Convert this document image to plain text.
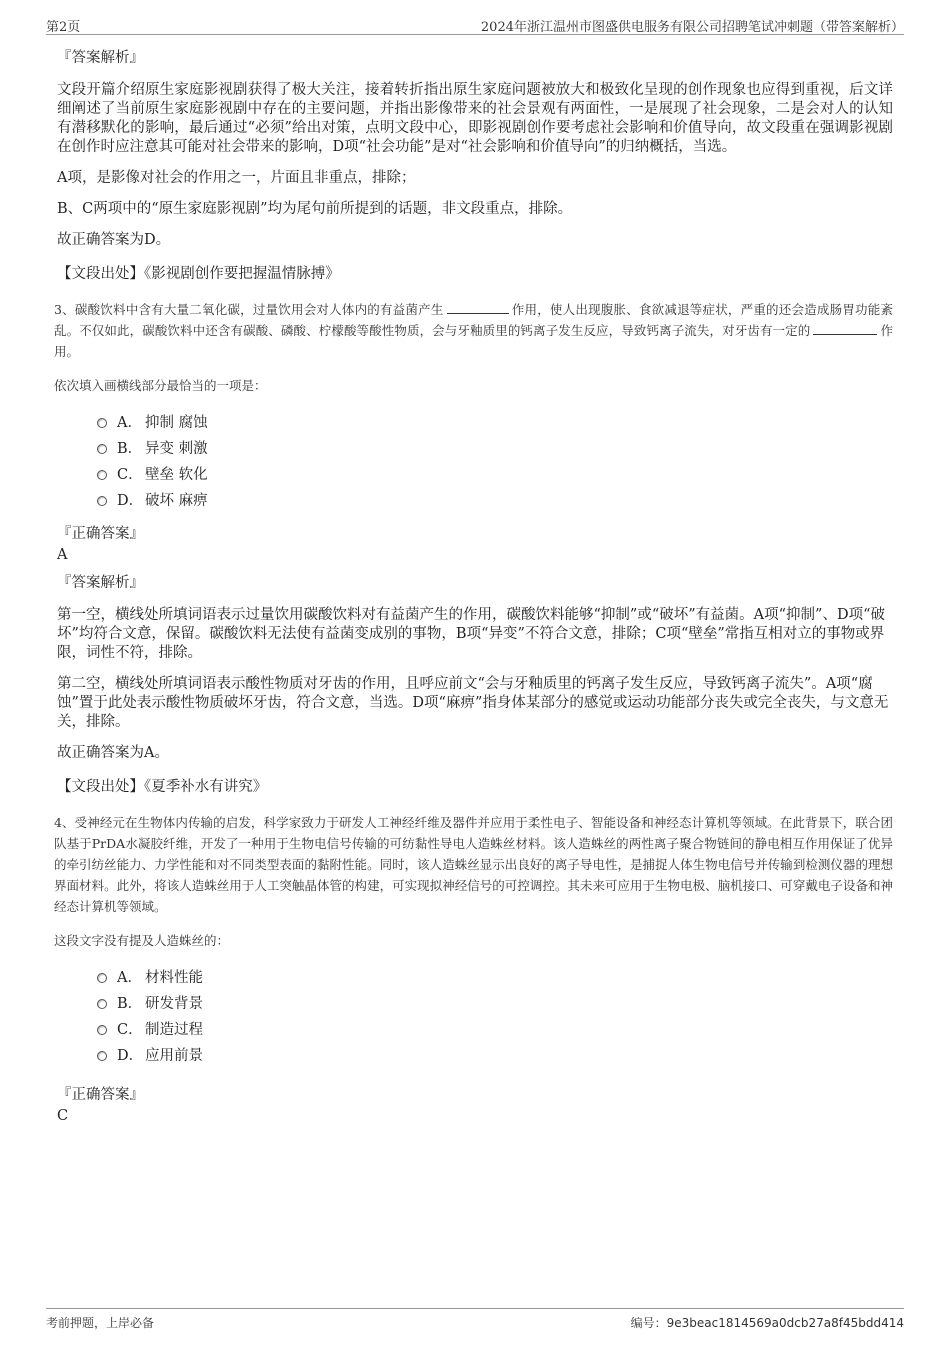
第2页	2024年浙江温州市图盛供电服务有限公司招聘笔试冲刺题（带答案解析）
『答案解析』

文段开篇介绍原生家庭影视剧获得了极大关注，接着转折指出原生家庭问题被放大和极致化呈现的创作现象也应得到重视，后文详细阐述了当前原生家庭影视剧中存在的主要问题，并指出影像带来的社会景观有两面性，一是展现了社会现象，二是会对人的认知有潜移默化的影响，最后通过“必须”给出对策，点明文段中心，即影视剧创作要考虑社会影响和价值导向，故文段重在强调影视剧在创作时应注意其可能对社会带来的影响，D项“社会功能”是对“社会影响和价值导向”的归纳概括，当选。

A项，是影像对社会的作用之一，片面且非重点，排除；

B、C两项中的“原生家庭影视剧”均为尾句前所提到的话题，非文段重点，排除。

故正确答案为D。

【文段出处】《影视剧创作要把握温情脉搏》
3、碳酸饮料中含有大量二氧化碳，过量饮用会对人体内的有益菌产生	作用，使人出现腹胀、食欲减退等症状，严重的还会造成肠胃功能紊乱。不仅如此，碳酸饮料中还含有碳酸、磷酸、柠檬酸等酸性物质，会与牙釉质里的钙离子发生反应，导致钙离子流失，对牙齿有一定的	作用。
依次填入画横线部分最恰当的一项是：
A． 抑制 腐蚀
B． 异变 刺激
C． 壁垒 软化
D． 破坏 麻痹
『正确答案』
A
『答案解析』

第一空，横线处所填词语表示过量饮用碳酸饮料对有益菌产生的作用，碳酸饮料能够“抑制”或“破坏”有益菌。A项“抑制”、D项“破坏”均符合文意，保留。碳酸饮料无法使有益菌变成别的事物，B项“异变”不符合文意，排除；C项“壁垒”常指互相对立的事物或界限，词性不符，排除。

第二空，横线处所填词语表示酸性物质对牙齿的作用，且呼应前文“会与牙釉质里的钙离子发生反应，导致钙离子流失”。A项“腐蚀”置于此处表示酸性物质破坏牙齿，符合文意，当选。D项“麻痹”指身体某部分的感觉或运动功能部分丧失或完全丧失，与文意无关，排除。

故正确答案为A。

【文段出处】《夏季补水有讲究》
4、受神经元在生物体内传输的启发，科学家致力于研发人工神经纤维及器件并应用于柔性电子、智能设备和神经态计算机等领域。在此背景下，联合团队基于PrDA水凝胶纤维，开发了一种用于生物电信号传输的可纺黏性导电人造蛛丝材料。该人造蛛丝的两性离子聚合物链间的静电相互作用保证了优异的牵引纺丝能力、力学性能和对不同类型表面的黏附性能。同时，该人造蛛丝显示出良好的离子导电性，是捕捉人体生物电信号并传输到检测仪器的理想界面材料。此外，将该人造蛛丝用于人工突触晶体管的构建，可实现拟神经信号的可控调控。其未来可应用于生物电极、脑机接口、可穿戴电子设备和神经态计算机等领域。
这段文字没有提及人造蛛丝的：
A． 材料性能
B． 研发背景
C． 制造过程
D． 应用前景
『正确答案』
C
考前押题，上岸必备	编号：9e3beac1814569a0dcb27a8f45bdd414
